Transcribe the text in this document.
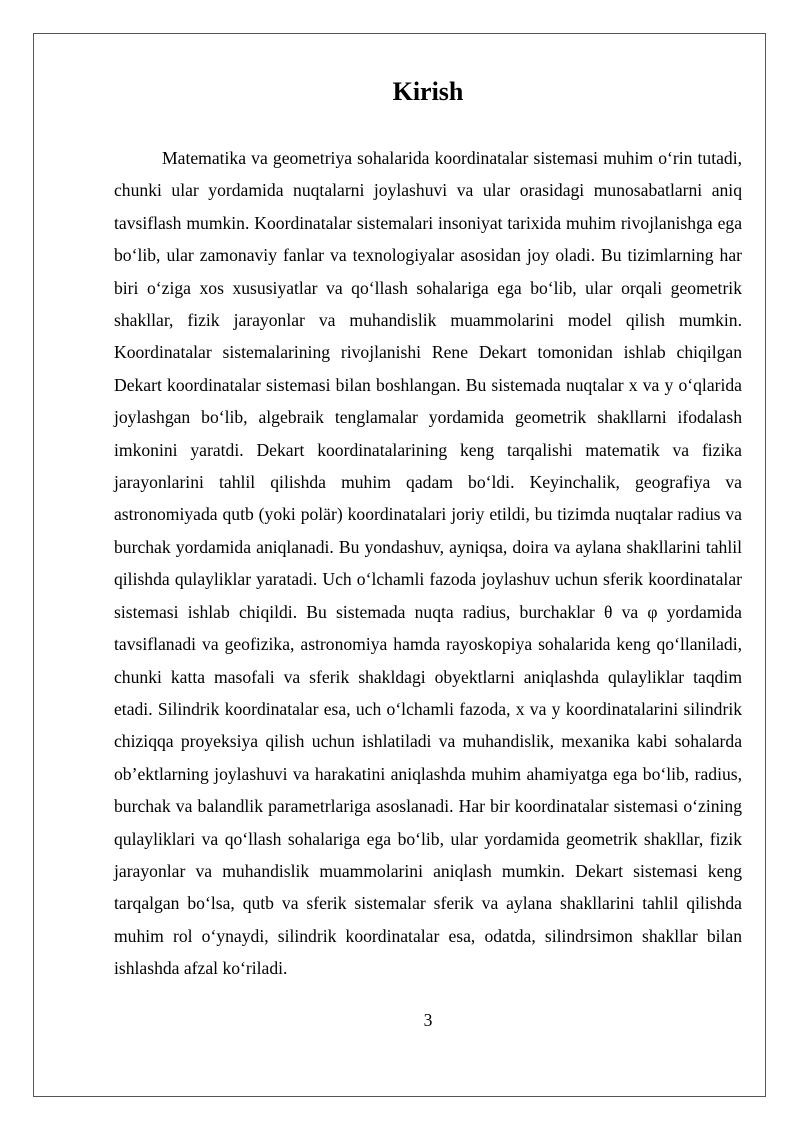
Kirish

Matematika va geometriya sohalarida koordinatalar sistemasi muhim o‘rin tutadi, chunki ular yordamida nuqtalarni joylashuvi va ular orasidagi munosabatlarni aniq tavsiflash mumkin. Koordinatalar sistemalari insoniyat tarixida muhim rivojlanishga ega bo‘lib, ular zamonaviy fanlar va texnologiyalar asosidan joy oladi. Bu tizimlarning har biri o‘ziga xos xususiyatlar va qo‘llash sohalariga ega bo‘lib, ular orqali geometrik shakllar, fizik jarayonlar va muhandislik muammolarini model qilish mumkin. Koordinatalar sistemalarining rivojlanishi Rene Dekart tomonidan ishlab chiqilgan Dekart koordinatalar sistemasi bilan boshlangan. Bu sistemada nuqtalar x va y o‘qlarida joylashgan bo‘lib, algebraik tenglamalar yordamida geometrik shakllarni ifodalash imkonini yaratdi. Dekart koordinatalarining keng tarqalishi matematik va fizika jarayonlarini tahlil qilishda muhim qadam bo‘ldi. Keyinchalik, geografiya va astronomiyada qutb (yoki polär) koordinatalari joriy etildi, bu tizimda nuqtalar radius va burchak yordamida aniqlanadi. Bu yondashuv, ayniqsa, doira va aylana shakllarini tahlil qilishda qulayliklar yaratadi. Uch o‘lchamli fazoda joylashuv uchun sferik koordinatalar sistemasi ishlab chiqildi. Bu sistemada nuqta radius, burchaklar θ va φ yordamida tavsiflanadi va geofizika, astronomiya hamda rayoskopiya sohalarida keng qo‘llaniladi, chunki katta masofali va sferik shakldagi obyektlarni aniqlashda qulayliklar taqdim etadi. Silindrik koordinatalar esa, uch o‘lchamli fazoda, x va y koordinatalarini silindrik chiziqqa proyeksiya qilish uchun ishlatiladi va muhandislik, mexanika kabi sohalarda ob’ektlarning joylashuvi va harakatini aniqlashda muhim ahamiyatga ega bo‘lib, radius, burchak va balandlik parametrlariga asoslanadi. Har bir koordinatalar sistemasi o‘zining qulayliklari va qo‘llash sohalariga ega bo‘lib, ular yordamida geometrik shakllar, fizik jarayonlar va muhandislik muammolarini aniqlash mumkin. Dekart sistemasi keng tarqalgan bo‘lsa, qutb va sferik sistemalar sferik va aylana shakllarini tahlil qilishda muhim rol o‘ynaydi, silindrik koordinatalar esa, odatda, silindrsimon shakllar bilan ishlashda afzal ko‘riladi.

3
